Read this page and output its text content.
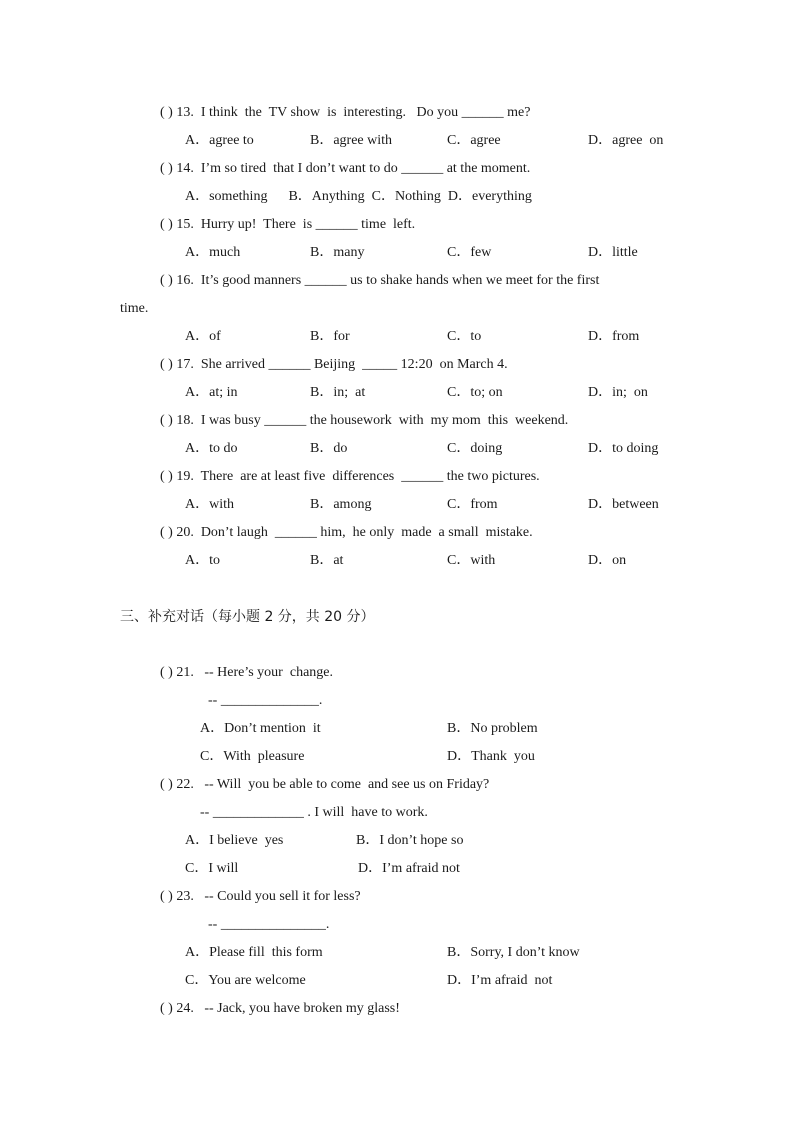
( ) 13.  I think  the  TV show  is  interesting.   Do you ______ me?
A．agree to	B．agree with	C．agree	D．agree  on
( ) 14.  I’m so tired  that I don’t want to do ______ at the moment.
A．something      B．Anything  C．Nothing  D．everything
( ) 15.  Hurry up!  There  is ______ time  left.
A．much	B．many	C．few	D．little
( ) 16.  It’s good manners ______ us to shake hands when we meet for the first
time.
A．of	B．for	C．to	D．from
( ) 17.  She arrived ______ Beijing  _____ 12:20  on March 4.
A．at; in	B．in;  at	C．to; on	D．in;  on
( ) 18.  I was busy ______ the housework  with  my mom  this  weekend.
A．to do	B．do	C．doing	D．to doing
( ) 19.  There  are at least five  differences  ______ the two pictures.
A．with	B．among	C．from	D．between
( ) 20.  Don’t laugh  ______ him,  he only  made  a small  mistake.
A．to	B．at	C．with	D．on
三、补充对话（每小题 2 分，共 20 分）
( ) 21.   -- Here’s your  change.
-- ______________.
A．Don’t mention  it	B．No problem
C．With  pleasure	D．Thank  you
( ) 22.   -- Will  you be able to come  and see us on Friday?
-- _____________ . I will  have to work.
A．I believe  yes	B．I don’t hope so
C．I will	D．I’m afraid not
( ) 23.   -- Could you sell it for less?
-- _______________.
A．Please fill  this form	B．Sorry, I don’t know
C．You are welcome	D．I’m afraid  not
( ) 24.   -- Jack, you have broken my glass!
